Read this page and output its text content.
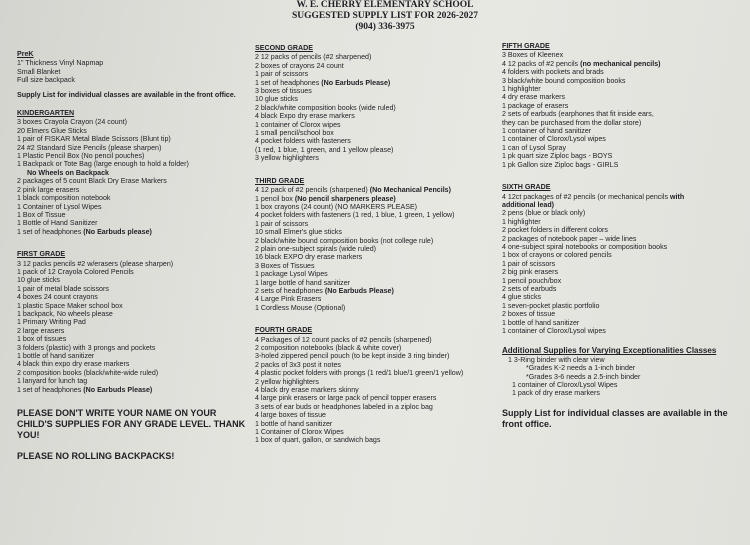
W. E. CHERRY ELEMENTARY SCHOOL
SUGGESTED SUPPLY LIST FOR 2026-2027
(904) 336-3975
PreK
1" Thickness Vinyl Napmap
Small Blanket
Full size backpack
Supply List for individual classes are available in the front office.
KINDERGARTEN
3 boxes Crayola Crayon (24 count)
20 Elmers Glue Sticks
1 pair of FISKAR Metal Blade Scissors (Blunt tip)
24 #2 Standard Size Pencils (please sharpen)
1 Plastic Pencil Box (No pencil pouches)
1 Backpack or Tote Bag (large enough to hold a folder)
No Wheels on Backpack
2 packages of 5 count Black Dry Erase Markers
2 pink large erasers
1 black composition notebook
1 Container of Lysol Wipes
1 Box of Tissue
1 Bottle of Hand Sanitizer
1 set of headphones (No Earbuds please)
FIRST GRADE
3 12 packs pencils #2 w/erasers (please sharpen)
1 pack of 12 Crayola Colored Pencils
10 glue sticks
1 pair of metal blade scissors
4 boxes 24 count crayons
1 plastic Space Maker school box
1 backpack, No wheels please
1 Primary Writing Pad
2 large erasers
1 box of tissues
3 folders (plastic) with 3 prongs and pockets
1 bottle of hand sanitizer
4 black thin expo dry erase markers
2 composition books (black/white-wide ruled)
1 lanyard for lunch tag
1 set of headphones (No Earbuds Please)
PLEASE DON'T WRITE YOUR NAME ON YOUR CHILD'S SUPPLIES FOR ANY GRADE LEVEL. THANK YOU!
PLEASE NO ROLLING BACKPACKS!
SECOND GRADE
2 12 packs of pencils (#2 sharpened)
2 boxes of crayons 24 count
1 pair of scissors
1 set of headphones (No Earbuds Please)
3 boxes of tissues
10 glue sticks
2 black/white composition books (wide ruled)
4 black Expo dry erase markers
1 container of Clorox wipes
1 small pencil/school box
4 pocket folders with fasteners
(1 red, 1 blue, 1 green, and 1 yellow please)
3 yellow highlighters
THIRD GRADE
4 12 pack of #2 pencils (sharpened) (No Mechanical Pencils)
1 pencil box (No pencil sharpeners please)
1 box crayons (24 count) (NO MARKERS PLEASE)
4 pocket folders with fasteners (1 red, 1 blue, 1 green, 1 yellow)
1 pair of scissors
10 small Elmer's glue sticks
2 black/white bound composition books (not college rule)
2 plain one-subject spirals (wide ruled)
16 black EXPO dry erase markers
3 Boxes of Tissues
1 package Lysol Wipes
1 large bottle of hand sanitizer
2 sets of headphones (No Earbuds Please)
4 Large Pink Erasers
1 Cordless Mouse (Optional)
FOURTH GRADE
4 Packages of 12 count packs of #2 pencils (sharpened)
2 composition notebooks (black & white cover)
3-holed zippered pencil pouch (to be kept inside 3 ring binder)
2 packs of 3x3 post it notes
4 plastic pocket folders with prongs (1 red/1 blue/1 green/1 yellow)
2 yellow highlighters
4 black dry erase markers skinny
4 large pink erasers or large pack of pencil topper erasers
3 sets of ear buds or headphones labeled in a ziploc bag
4 large boxes of tissue
1 bottle of hand sanitizer
1 Container of Clorox Wipes
1 box of quart, gallon, or sandwich bags
FIFTH GRADE
3 Boxes of Kleenex
4 12 packs of #2 pencils (no mechanical pencils)
4 folders with pockets and brads
3 black/white bound composition books
1 highlighter
4 dry erase markers
1 package of erasers
2 sets of earbuds (earphones that fit inside ears,
they can be purchased from the dollar store)
1 container of hand sanitizer
1 container of Clorox/Lysol wipes
1 can of Lysol Spray
1 pk quart size Ziploc bags - BOYS
1 pk Gallon size Ziploc bags - GIRLS
SIXTH GRADE
4 12ct packages of #2 pencils (or mechanical pencils with
additional lead)
2 pens (blue or black only)
1 highlighter
2 pocket folders in different colors
2 packages of notebook paper – wide lines
4 one-subject spiral notebooks or composition books
1 box of crayons or colored pencils
1 pair of scissors
2 big pink erasers
1 pencil pouch/box
2 sets of earbuds
4 glue sticks
1 seven-pocket plastic portfolio
2 boxes of tissue
1 bottle of hand sanitizer
1 container of Clorox/Lysol wipes
Additional Supplies for Varying Exceptionalities Classes
1 3-Ring binder with clear view
*Grades K-2 needs a 1-inch binder
*Grades 3-6 needs a 2.5-inch binder
1 container of Clorox/Lysol Wipes
1 pack of dry erase markers
Supply List for individual classes are available in the front office.
